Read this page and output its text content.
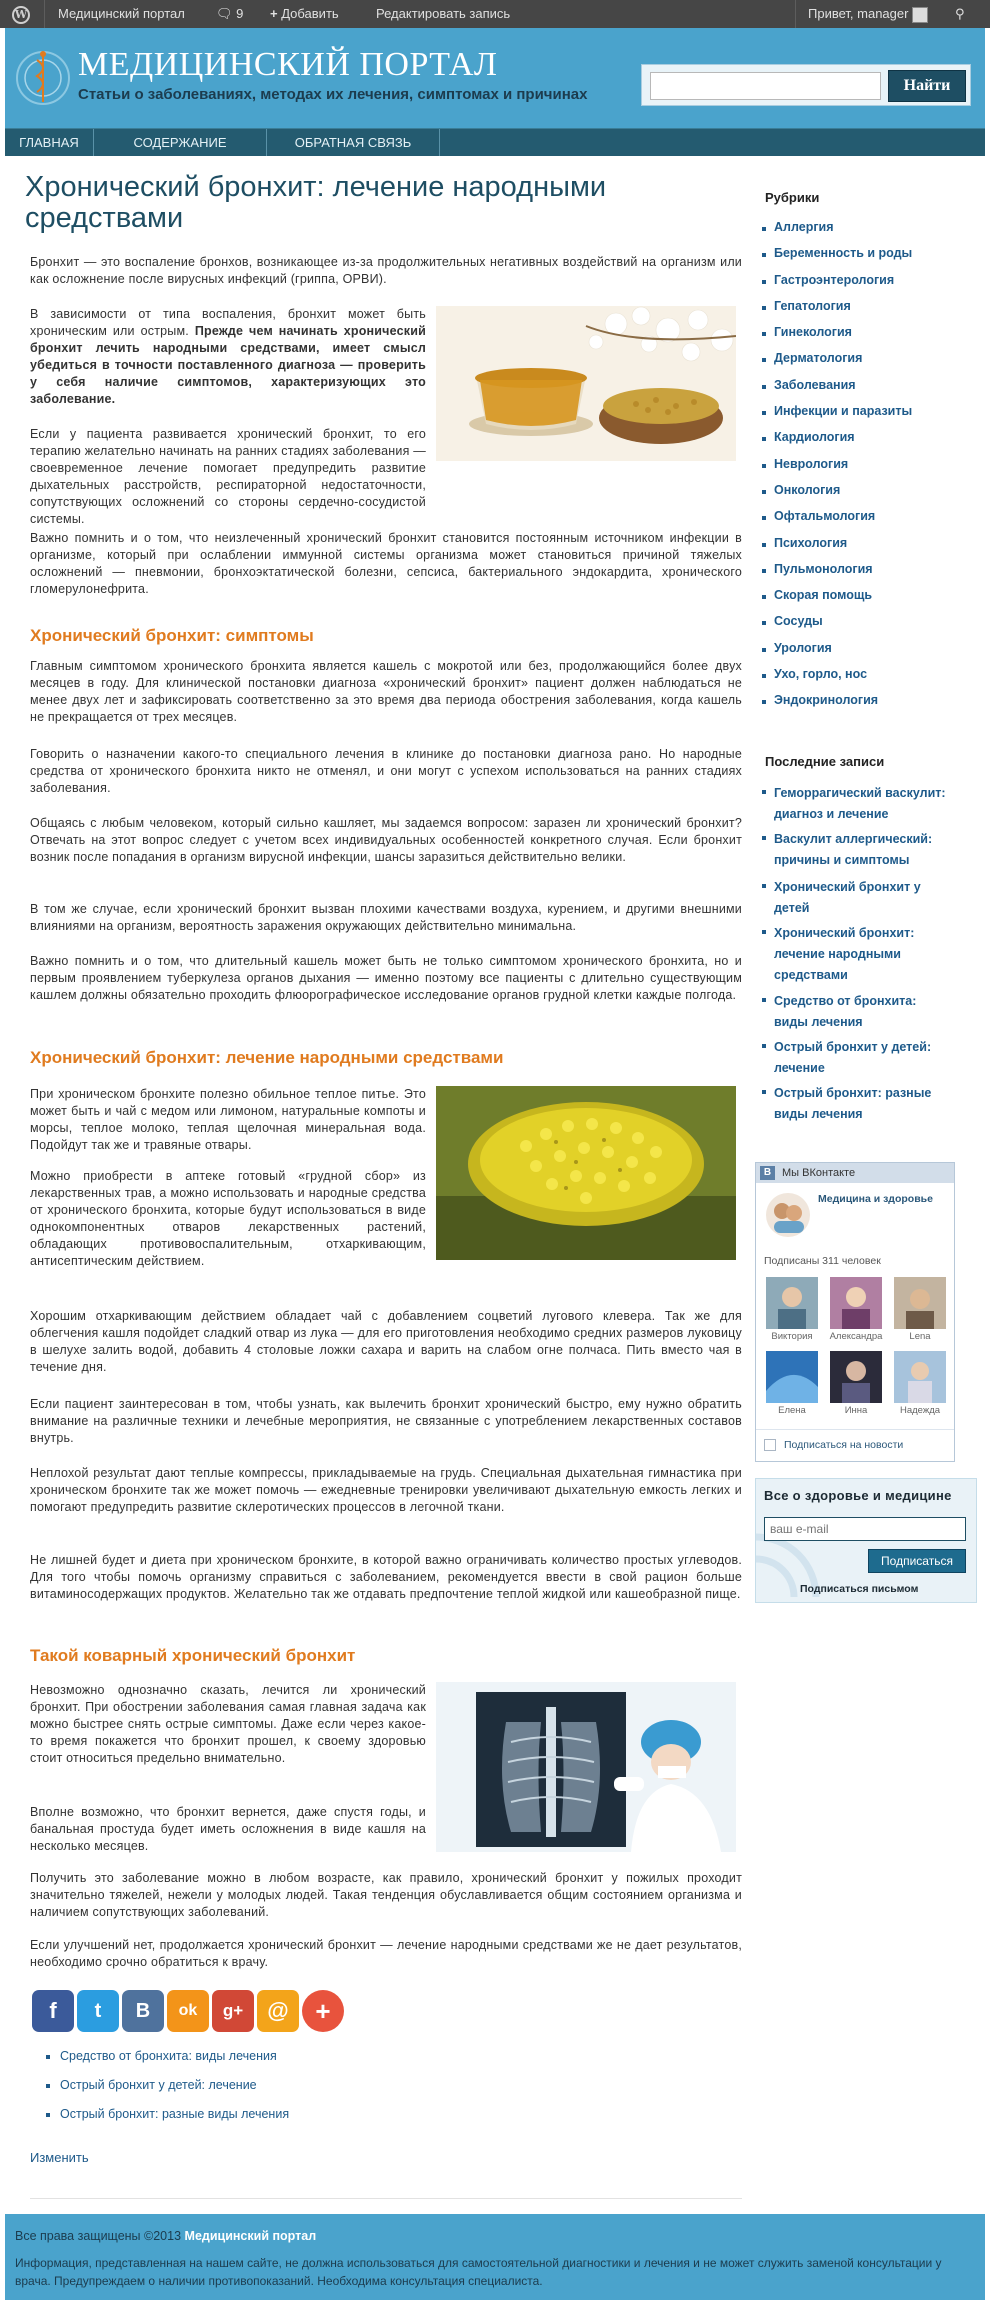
W Медицинский портал 🗨 9 + Добавить	Редактировать запись	Привет, manager	⚲
МЕДИЦИНСКИЙ ПОРТАЛ
Статьи о заболеваниях, методах их лечения, симптомах и причинах
Найти
ГЛАВНАЯ	СОДЕРЖАНИЕ	ОБРАТНАЯ СВЯЗЬ
Хронический бронхит: лечение народными средствами

Бронхит — это воспаление бронхов, возникающее из-за продолжительных негативных воздействий на организм или как осложнение после вирусных инфекций (гриппа, ОРВИ).

В зависимости от типа воспаления, бронхит может быть хроническим или острым. Прежде чем начинать хронический бронхит лечить народными средствами, имеет смысл убедиться в точности поставленного диагноза — проверить у себя наличие симптомов, характеризующих это заболевание.

Если у пациента развивается хронический бронхит, то его терапию желательно начинать на ранних стадиях заболевания — своевременное лечение помогает предупредить развитие дыхательных расстройств, респираторной недостаточности, сопутствующих осложнений со стороны сердечно-сосудистой системы.

Важно помнить и о том, что неизлеченный хронический бронхит становится постоянным источником инфекции в организме, который при ослаблении иммунной системы организма может становиться причиной тяжелых осложнений — пневмонии, бронхоэктатической болезни, сепсиса, бактериального эндокардита, хронического гломерулонефрита.

Хронический бронхит: симптомы

Главным симптомом хронического бронхита является кашель с мокротой или без, продолжающийся более двух месяцев в году. Для клинической постановки диагноза «хронический бронхит» пациент должен наблюдаться не менее двух лет и зафиксировать соответственно за это время два периода обострения заболевания, когда кашель не прекращается от трех месяцев.

Говорить о назначении какого-то специального лечения в клинике до постановки диагноза рано. Но народные средства от хронического бронхита никто не отменял, и они могут с успехом использоваться на ранних стадиях заболевания.

Общаясь с любым человеком, который сильно кашляет, мы задаемся вопросом: заразен ли хронический бронхит? Отвечать на этот вопрос следует с учетом всех индивидуальных особенностей конкретного случая. Если бронхит возник после попадания в организм вирусной инфекции, шансы заразиться действительно велики.

В том же случае, если хронический бронхит вызван плохими качествами воздуха, курением, и другими внешними влияниями на организм, вероятность заражения окружающих действительно минимальна.

Важно помнить и о том, что длительный кашель может быть не только симптомом хронического бронхита, но и первым проявлением туберкулеза органов дыхания — именно поэтому все пациенты с длительно существующим кашлем должны обязательно проходить флюорографическое исследование органов грудной клетки каждые полгода.

Хронический бронхит: лечение народными средствами

При хроническом бронхите полезно обильное теплое питье. Это может быть и чай с медом или лимоном, натуральные компоты и морсы, теплое молоко, теплая щелочная минеральная вода. Подойдут так же и травяные отвары.

Можно приобрести в аптеке готовый «грудной сбор» из лекарственных трав, а можно использовать и народные средства от хронического бронхита, которые будут использоваться в виде однокомпонентных отваров лекарственных растений, обладающих противовоспалительным, отхаркивающим, антисептическим действием.

Хорошим отхаркивающим действием обладает чай с добавлением соцветий лугового клевера. Так же для облегчения кашля подойдет сладкий отвар из лука — для его приготовления необходимо средних размеров луковицу в шелухе залить водой, добавить 4 столовые ложки сахара и варить на слабом огне полчаса. Пить вместо чая в течение дня.

Если пациент заинтересован в том, чтобы узнать, как вылечить бронхит хронический быстро, ему нужно обратить внимание на различные техники и лечебные мероприятия, не связанные с употреблением лекарственных составов внутрь.

Неплохой результат дают теплые компрессы, прикладываемые на грудь. Специальная дыхательная гимнастика при хроническом бронхите так же может помочь — ежедневные тренировки увеличивают дыхательную емкость легких и помогают предупредить развитие склеротических процессов в легочной ткани.

Не лишней будет и диета при хроническом бронхите, в которой важно ограничивать количество простых углеводов. Для того чтобы помочь организму справиться с заболеванием, рекомендуется ввести в свой рацион больше витаминосодержащих продуктов. Желательно так же отдавать предпочтение теплой жидкой или кашеобразной пище.

Такой коварный хронический бронхит

Невозможно однозначно сказать, лечится ли хронический бронхит. При обострении заболевания самая главная задача как можно быстрее снять острые симптомы. Даже если через какое-то время покажется что бронхит прошел, к своему здоровью стоит относиться предельно внимательно.

Вполне возможно, что бронхит вернется, даже спустя годы, и банальная простуда будет иметь осложнения в виде кашля на несколько месяцев.

Получить это заболевание можно в любом возрасте, как правило, хронический бронхит у пожилых проходит значительно тяжелей, нежели у молодых людей. Такая тенденция обуславливается общим состоянием организма и наличием сопутствующих заболеваний.

Если улучшений нет, продолжается хронический бронхит — лечение народными средствами же не дает результатов, необходимо срочно обратиться к врачу.

f	t	В	ok	g+	@	+
Средство от бронхита: виды лечения
Острый бронхит у детей: лечение
Острый бронхит: разные виды лечения
Изменить
Рубрики
Аллергия
Беременность и роды
Гастроэнтерология
Гепатология
Гинекология
Дерматология
Заболевания
Инфекции и паразиты
Кардиология
Неврология
Онкология
Офтальмология
Психология
Пульмонология
Скорая помощь
Сосуды
Урология
Ухо, горло, нос
Эндокринология
Последние записи
Геморрагический васкулит: диагноз и лечение
Васкулит аллергический: причины и симптомы
Хронический бронхит у детей
Хронический бронхит: лечение народными средствами
Средство от бронхита: виды лечения
Острый бронхит у детей: лечение
Острый бронхит: разные виды лечения
В Мы ВКонтакте
Медицина и здоровье
Подписаны 311 человек
Виктория	Александра	Lena
Елена	Инна	Надежда
Подписаться на новости
Все о здоровье и медицине
ваш e-mail
Подписаться
Подписаться письмом
Все права защищены ©2013 Медицинский портал
Информация, представленная на нашем сайте, не должна использоваться для самостоятельной диагностики и лечения и не может служить заменой консультации у врача. Предупреждаем о наличии противопоказаний. Необходима консультация специалиста.
